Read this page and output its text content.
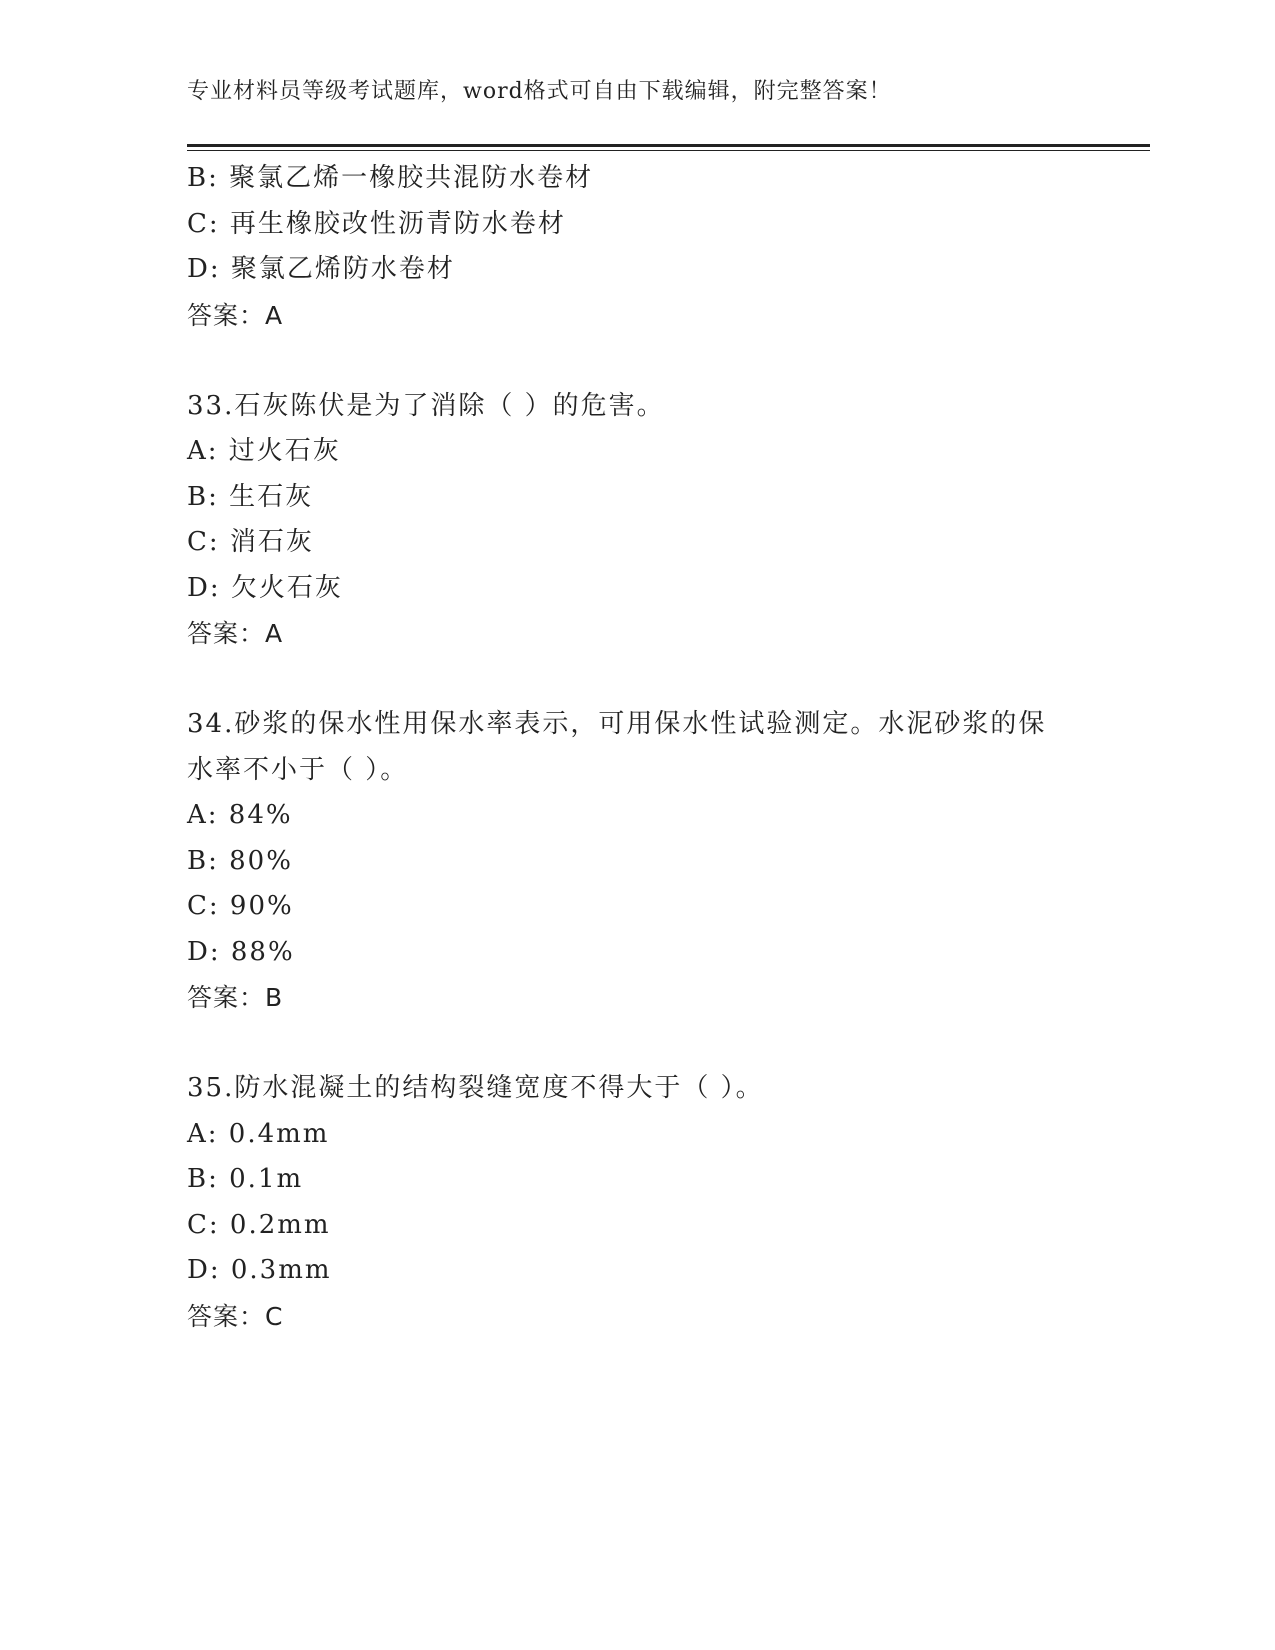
专业材料员等级考试题库，word格式可自由下载编辑，附完整答案！
B: 聚氯乙烯一橡胶共混防水卷材
C: 再生橡胶改性沥青防水卷材
D: 聚氯乙烯防水卷材
答案：A
33.石灰陈伏是为了消除（ ）的危害。
A: 过火石灰
B: 生石灰
C: 消石灰
D: 欠火石灰
答案：A
34.砂浆的保水性用保水率表示，可用保水性试验测定。水泥砂浆的保
水率不小于（ ）。
A: 84%
B: 80%
C: 90%
D: 88%
答案：B
35.防水混凝土的结构裂缝宽度不得大于（ ）。
A: 0.4mm
B: 0.1m
C: 0.2mm
D: 0.3mm
答案：C
